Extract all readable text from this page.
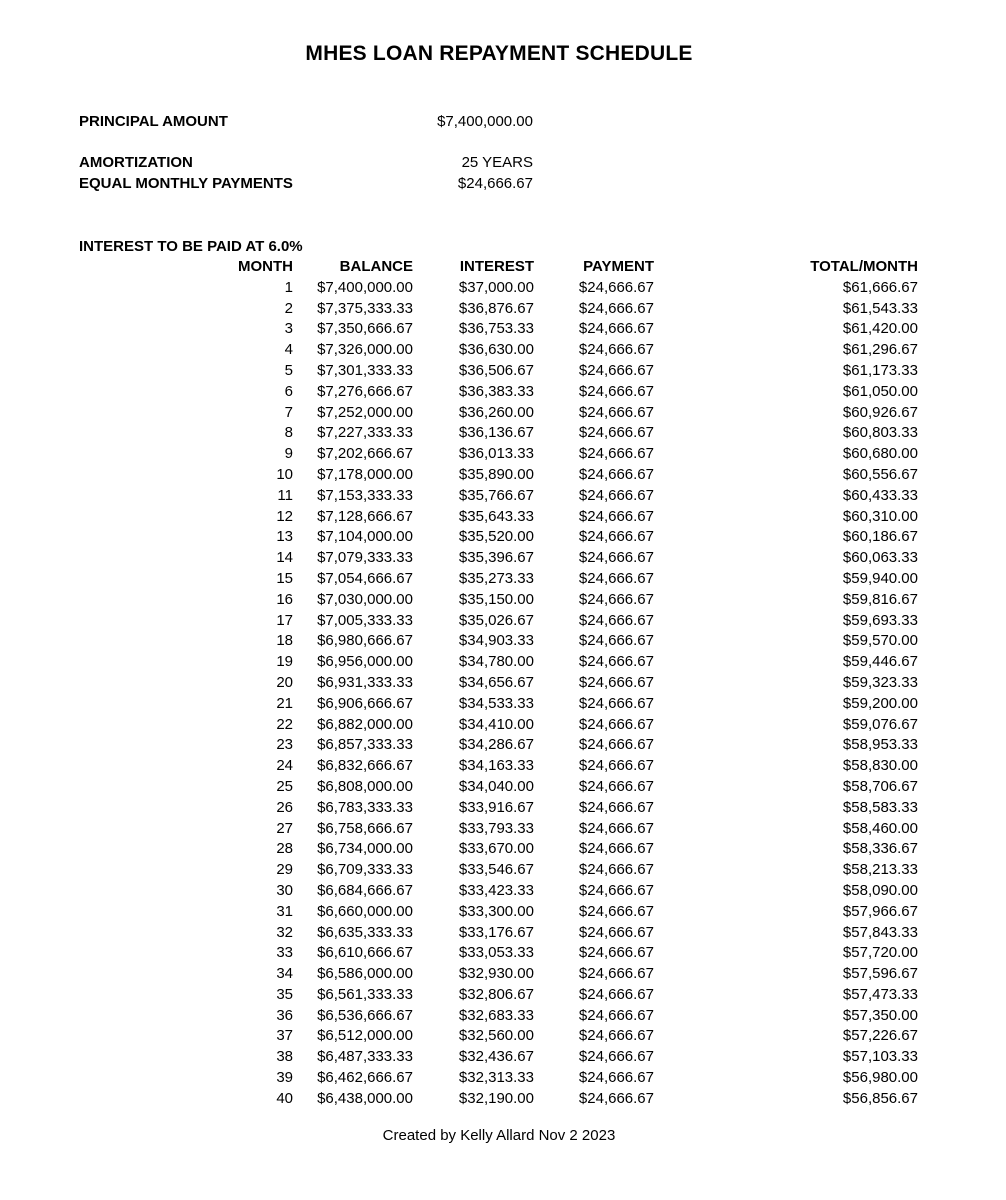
MHES LOAN REPAYMENT SCHEDULE
PRINCIPAL AMOUNT	$7,400,000.00
AMORTIZATION	25 YEARS
EQUAL MONTHLY PAYMENTS	$24,666.67
INTEREST TO BE PAID AT 6.0%
MONTH	BALANCE	INTEREST	PAYMENT	TOTAL/MONTH
1	$7,400,000.00	$37,000.00	$24,666.67	$61,666.67
2	$7,375,333.33	$36,876.67	$24,666.67	$61,543.33
3	$7,350,666.67	$36,753.33	$24,666.67	$61,420.00
4	$7,326,000.00	$36,630.00	$24,666.67	$61,296.67
5	$7,301,333.33	$36,506.67	$24,666.67	$61,173.33
6	$7,276,666.67	$36,383.33	$24,666.67	$61,050.00
7	$7,252,000.00	$36,260.00	$24,666.67	$60,926.67
8	$7,227,333.33	$36,136.67	$24,666.67	$60,803.33
9	$7,202,666.67	$36,013.33	$24,666.67	$60,680.00
10	$7,178,000.00	$35,890.00	$24,666.67	$60,556.67
11	$7,153,333.33	$35,766.67	$24,666.67	$60,433.33
12	$7,128,666.67	$35,643.33	$24,666.67	$60,310.00
13	$7,104,000.00	$35,520.00	$24,666.67	$60,186.67
14	$7,079,333.33	$35,396.67	$24,666.67	$60,063.33
15	$7,054,666.67	$35,273.33	$24,666.67	$59,940.00
16	$7,030,000.00	$35,150.00	$24,666.67	$59,816.67
17	$7,005,333.33	$35,026.67	$24,666.67	$59,693.33
18	$6,980,666.67	$34,903.33	$24,666.67	$59,570.00
19	$6,956,000.00	$34,780.00	$24,666.67	$59,446.67
20	$6,931,333.33	$34,656.67	$24,666.67	$59,323.33
21	$6,906,666.67	$34,533.33	$24,666.67	$59,200.00
22	$6,882,000.00	$34,410.00	$24,666.67	$59,076.67
23	$6,857,333.33	$34,286.67	$24,666.67	$58,953.33
24	$6,832,666.67	$34,163.33	$24,666.67	$58,830.00
25	$6,808,000.00	$34,040.00	$24,666.67	$58,706.67
26	$6,783,333.33	$33,916.67	$24,666.67	$58,583.33
27	$6,758,666.67	$33,793.33	$24,666.67	$58,460.00
28	$6,734,000.00	$33,670.00	$24,666.67	$58,336.67
29	$6,709,333.33	$33,546.67	$24,666.67	$58,213.33
30	$6,684,666.67	$33,423.33	$24,666.67	$58,090.00
31	$6,660,000.00	$33,300.00	$24,666.67	$57,966.67
32	$6,635,333.33	$33,176.67	$24,666.67	$57,843.33
33	$6,610,666.67	$33,053.33	$24,666.67	$57,720.00
34	$6,586,000.00	$32,930.00	$24,666.67	$57,596.67
35	$6,561,333.33	$32,806.67	$24,666.67	$57,473.33
36	$6,536,666.67	$32,683.33	$24,666.67	$57,350.00
37	$6,512,000.00	$32,560.00	$24,666.67	$57,226.67
38	$6,487,333.33	$32,436.67	$24,666.67	$57,103.33
39	$6,462,666.67	$32,313.33	$24,666.67	$56,980.00
40	$6,438,000.00	$32,190.00	$24,666.67	$56,856.67
Created by Kelly Allard Nov 2 2023
